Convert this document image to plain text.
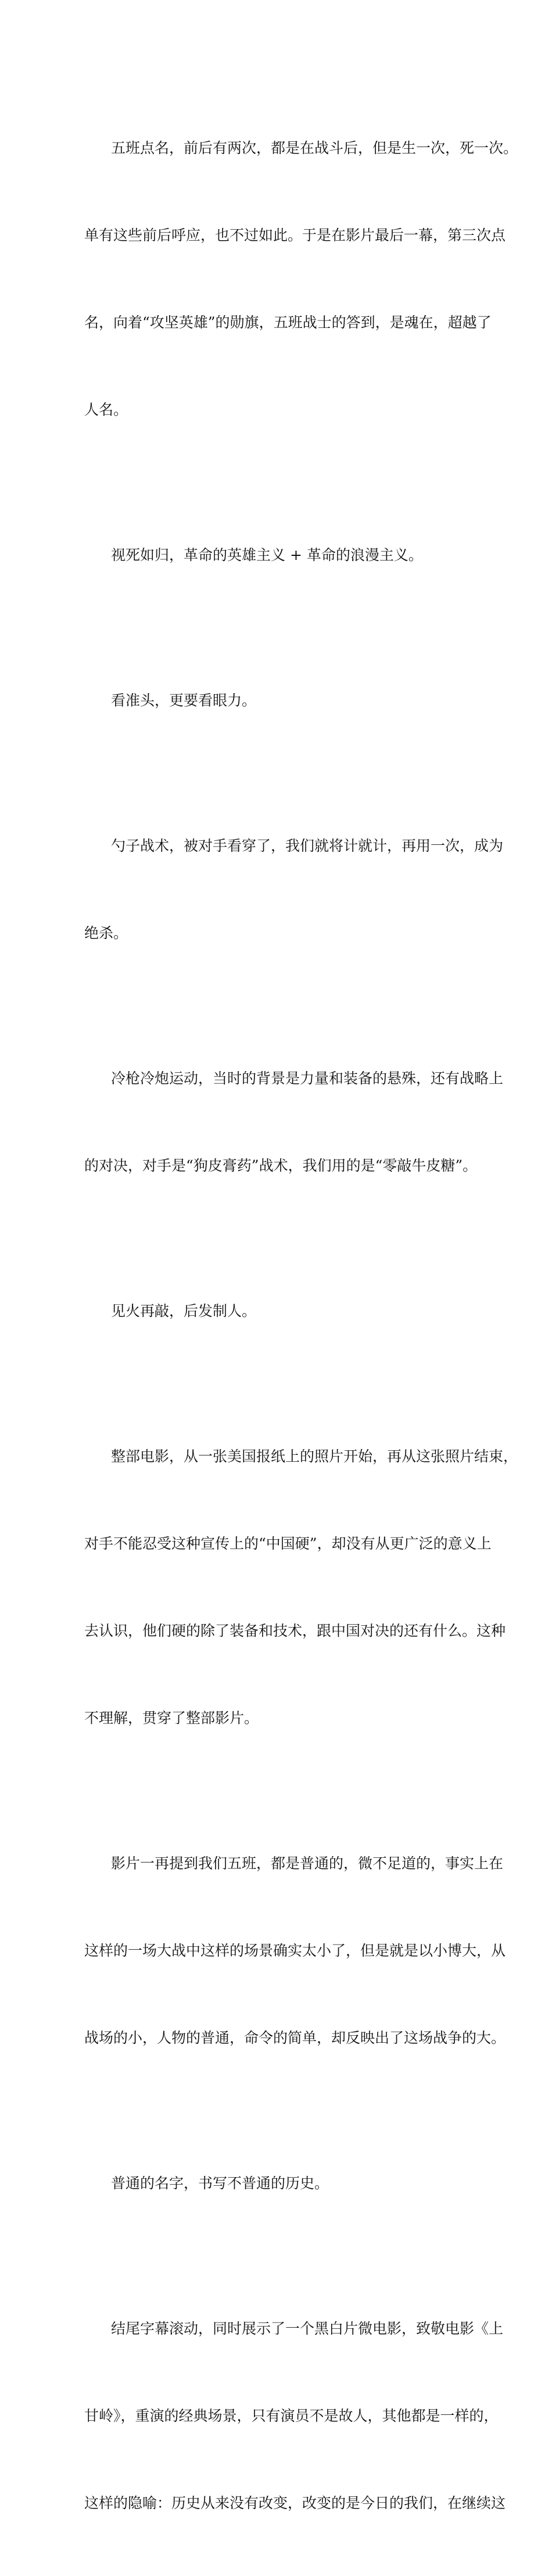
五班点名，前后有两次，都是在战斗后，但是生一次，死一次。

单有这些前后呼应，也不过如此。于是在影片最后一幕，第三次点

名，向着“攻坚英雄”的勋旗，五班战士的答到，是魂在，超越了

人名。

视死如归，革命的英雄主义 + 革命的浪漫主义。

看准头，更要看眼力。

勺子战术，被对手看穿了，我们就将计就计，再用一次，成为

绝杀。

冷枪冷炮运动，当时的背景是力量和装备的悬殊，还有战略上

的对决，对手是“狗皮膏药”战术，我们用的是“零敲牛皮糖”。

见火再敲，后发制人。

整部电影，从一张美国报纸上的照片开始，再从这张照片结束，

对手不能忍受这种宣传上的“中国硬”，却没有从更广泛的意义上

去认识，他们硬的除了装备和技术，跟中国对决的还有什么。这种

不理解，贯穿了整部影片。

影片一再提到我们五班，都是普通的，微不足道的，事实上在

这样的一场大战中这样的场景确实太小了，但是就是以小博大，从

战场的小，人物的普通，命令的简单，却反映出了这场战争的大。

普通的名字，书写不普通的历史。

结尾字幕滚动，同时展示了一个黑白片微电影，致敬电影《上

甘岭》，重演的经典场景，只有演员不是故人，其他都是一样的，

这样的隐喻：历史从来没有改变，改变的是今日的我们，在继续这
